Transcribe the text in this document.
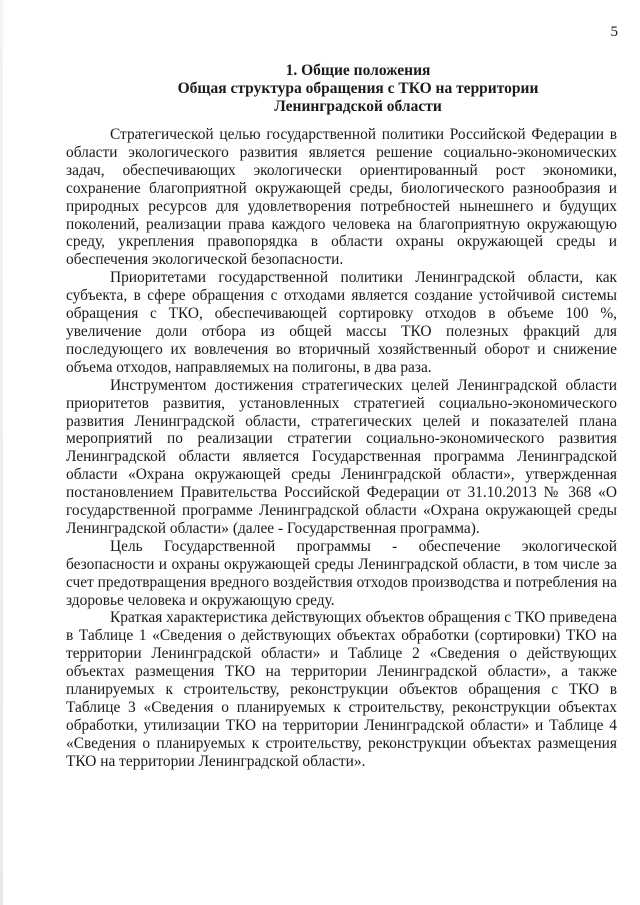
5
1. Общие положения
Общая структура обращения с ТКО на территории
Ленинградской области

Стратегической целью государственной политики Российской Федерации в области экологического развития является решение социально-экономических задач, обеспечивающих экологически ориентированный рост экономики, сохранение благоприятной окружающей среды, биологического разнообразия и природных ресурсов для удовлетворения потребностей нынешнего и будущих поколений, реализации права каждого человека на благоприятную окружающую среду, укрепления правопорядка в области охраны окружающей среды и обеспечения экологической безопасности.

Приоритетами государственной политики Ленинградской области, как субъекта, в сфере обращения с отходами является создание устойчивой системы обращения с ТКО, обеспечивающей сортировку отходов в объеме 100 %, увеличение доли отбора из общей массы ТКО полезных фракций для последующего их вовлечения во вторичный хозяйственный оборот и снижение объема отходов, направляемых на полигоны, в два раза.

Инструментом достижения стратегических целей Ленинградской области приоритетов развития, установленных стратегией социально-экономического развития Ленинградской области, стратегических целей и показателей плана мероприятий по реализации стратегии социально-экономического развития Ленинградской области является Государственная программа Ленинградской области «Охрана окружающей среды Ленинградской области», утвержденная постановлением Правительства Российской Федерации от 31.10.2013 № 368 «О государственной программе Ленинградской области «Охрана окружающей среды Ленинградской области» (далее - Государственная программа).

Цель Государственной программы - обеспечение экологической безопасности и охраны окружающей среды Ленинградской области, в том числе за счет предотвращения вредного воздействия отходов производства и потребления на здоровье человека и окружающую среду.

Краткая характеристика действующих объектов обращения с ТКО приведена в Таблице 1 «Сведения о действующих объектах обработки (сортировки) ТКО на территории Ленинградской области» и Таблице 2 «Сведения о действующих объектах размещения ТКО на территории Ленинградской области», а также планируемых к строительству, реконструкции объектов обращения с ТКО в Таблице 3 «Сведения о планируемых к строительству, реконструкции объектах обработки, утилизации ТКО на территории Ленинградской области» и Таблице 4 «Сведения о планируемых к строительству, реконструкции объектах размещения ТКО на территории Ленинградской области».
